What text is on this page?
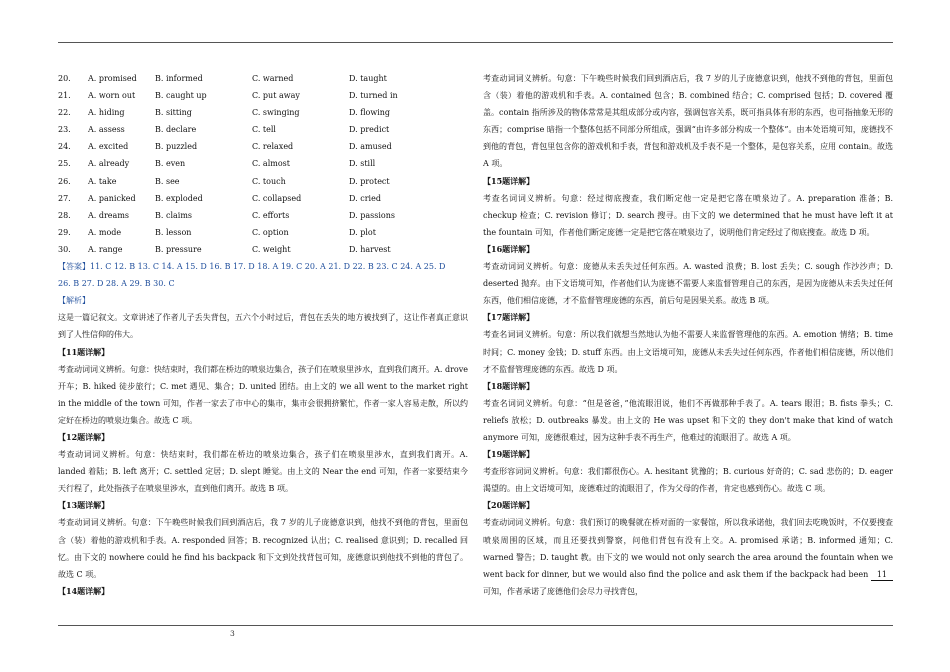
20.	A. promised	B. informed	C. warned	D. taught
21.	A. worn out	B. caught up	C. put away	D. turned in
22.	A. hiding	B. sitting	C. swinging	D. flowing
23.	A. assess	B. declare	C. tell	D. predict
24.	A. excited	B. puzzled	C. relaxed	D. amused
25.	A. already	B. even	C. almost	D. still
26.	A. take	B. see	C. touch	D. protect
27.	A. panicked	B. exploded	C. collapsed	D. cried
28.	A. dreams	B. claims	C. efforts	D. passions
29.	A. mode	B. lesson	C. option	D. plot
30.	A. range	B. pressure	C. weight	D. harvest
【答案】11. C 12. B 13. C 14. A 15. D 16. B 17. D 18. A 19. C 20. A 21. D 22. B 23. C 24. A 25. D
26. B 27. D 28. A 29. B 30. C
【解析】

这是一篇记叙文。文章讲述了作者儿子丢失背包，五六个小时过后，背包在丢失的地方被找到了，这让作者真正意识到了人性信仰的伟大。

【11题详解】

考查动词词义辨析。句意：快结束时，我们都在桥边的喷泉边集合，孩子们在喷泉里涉水，直到我们离开。A. drove 开车；B. hiked 徒步旅行；C. met 遇见、集合；D. united 团结。由上文的 we all went to the market right in the middle of the town 可知，作者一家去了市中心的集市，集市会很拥挤繁忙，作者一家人容易走散，所以约定好在桥边的喷泉边集合。故选 C 项。

【12题详解】

考查动词词义辨析。句意：快结束时，我们都在桥边的喷泉边集合，孩子们在喷泉里涉水，直到我们离开。A. landed 着陆；B. left 离开；C. settled 定居；D. slept 睡觉。由上文的 Near the end 可知，作者一家要结束今天行程了，此处指孩子在喷泉里涉水，直到他们离开。故选 B 项。

【13题详解】

考查动词词义辨析。句意：下午晚些时候我们回到酒店后，我 7 岁的儿子庞德意识到，他找不到他的背包，里面包含（装）着他的游戏机和手表。A. responded 回答；B. recognized 认出；C. realised 意识到；D. recalled 回忆。由下文的 nowhere could he find his backpack 和下文到处找背包可知，庞德意识到他找不到他的背包了。故选 C 项。

【14题详解】

考查动词词义辨析。句意：下午晚些时候我们回到酒店后，我 7 岁的儿子庞德意识到，他找不到他的背包，里面包含（装）着他的游戏机和手表。A. contained 包含；B. combined 结合；C. comprised 包括；D. covered 覆盖。contain 指所涉及的物体常常是其组成部分或内容，强调包容关系，既可指具体有形的东西，也可指抽象无形的东西；comprise 暗指一个整体包括不同部分所组成，强调“由许多部分构成一个整体”。由本处语境可知，庞德找不到他的背包，背包里包含你的游戏机和手表，背包和游戏机及手表不是一个整体，是包容关系，应用 contain。故选 A 项。

【15题详解】

考查名词词义辨析。句意：经过彻底搜查，我们断定他一定是把它落在喷泉边了。A. preparation 准备；B. checkup 检查；C. revision 修订；D. search 搜寻。由下文的 we determined that he must have left it at the fountain 可知，作者他们断定庞德一定是把它落在喷泉边了，说明他们肯定经过了彻底搜查。故选 D 项。

【16题详解】

考查动词词义辨析。句意：庞德从未丢失过任何东西。A. wasted 浪费；B. lost 丢失；C. sough 作沙沙声；D. deserted 抛弃。由下文语境可知，作者他们认为庞德不需要人来监督管理自己的东西，是因为庞德从未丢失过任何东西，他们相信庞德，才不监督管理庞德的东西，前后句是因果关系。故选 B 项。

【17题详解】

考查名词词义辨析。句意：所以我们就想当然地认为他不需要人来监督管理他的东西。A. emotion 情绪；B. time 时间；C. money 金钱；D. stuff 东西。由上文语境可知，庞德从未丢失过任何东西，作者他们相信庞德，所以他们才不监督管理庞德的东西。故选 D 项。

【18题详解】

考查名词词义辨析。句意：“但是爸爸，”他流眼泪说，他们不再做那种手表了。A. tears 眼泪；B. fists 拳头；C. reliefs 放松；D. outbreaks 暴发。由上文的 He was upset 和下文的 they don't make that kind of watch anymore 可知，庞德很难过，因为这种手表不再生产，他难过的流眼泪了。故选 A 项。

【19题详解】

考查形容词词义辨析。句意：我们都很伤心。A. hesitant 犹豫的；B. curious 好奇的；C. sad 悲伤的；D. eager 渴望的。由上文语境可知，庞德难过的流眼泪了，作为父母的作者，肯定也感到伤心。故选 C 项。

【20题详解】

考查动词词义辨析。句意：我们预订的晚餐就在桥对面的一家餐馆，所以我承诺他，我们回去吃晚饭时，不仅要搜查喷泉周围的区域，而且还要找到警察，问他们背包有没有上交。A. promised 承诺；B. informed 通知；C. warned 警告；D. taught 教。由下文的 we would not only search the area around the fountain when we went back for dinner, but we would also find the police and ask them if the backpack had been 11可知，作者承诺了庞德他们会尽力寻找背包，

3
